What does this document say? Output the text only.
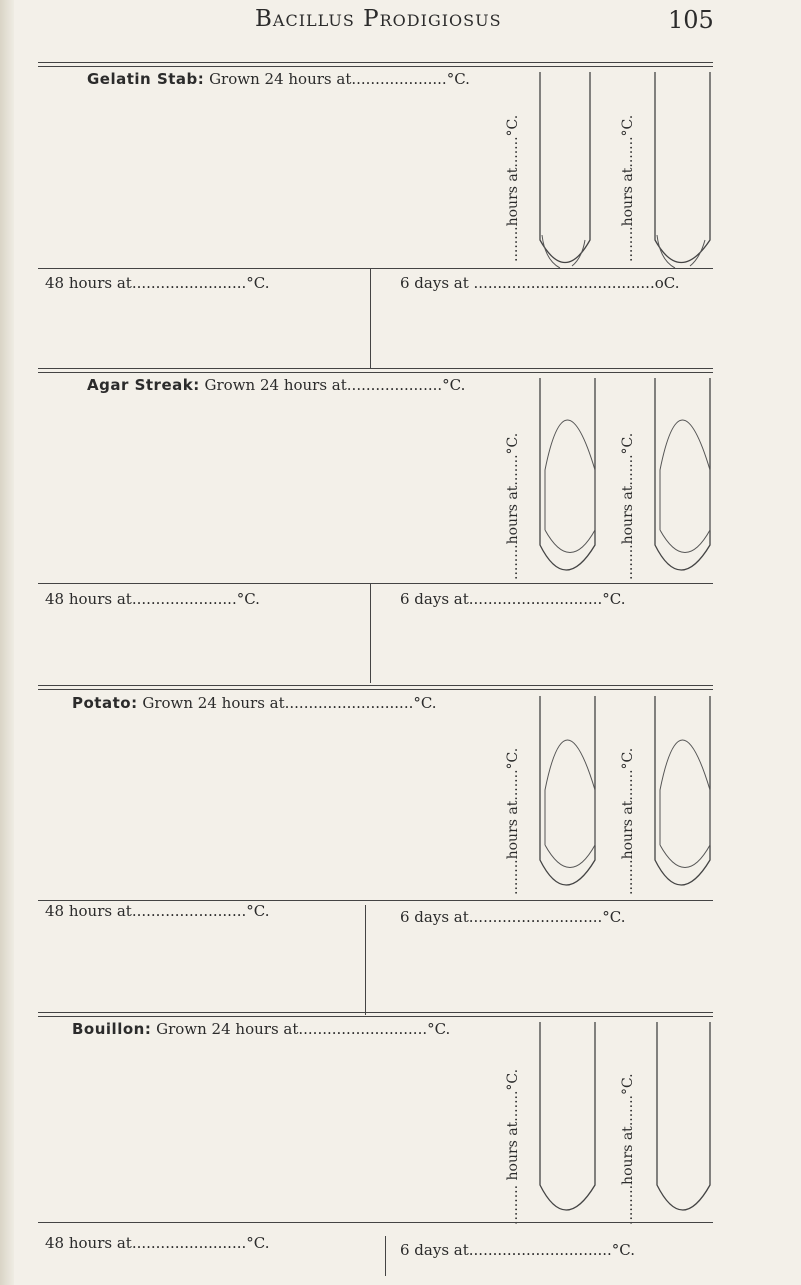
Bacillus Prodigiosus	105
Gelatin Stab: Grown 24 hours at....................°C.
........hours at.......°C.	........hours at.......°C.
48 hours at........................°C.	6 days at ......................................oC.
Agar Streak: Grown 24 hours at....................°C.
........hours at.......°C.	........hours at.......°C.
48 hours at......................°C.	6 days at............................°C.
Potato: Grown 24 hours at...........................°C.
........hours at.......°C.	........hours at.......°C.
48 hours at........................°C.	6 days at............................°C.
Bouillon: Grown 24 hours at...........................°C.
......... hours at.......°C.	.........hours at.......°C.
48 hours at........................°C.	6 days at..............................°C.
